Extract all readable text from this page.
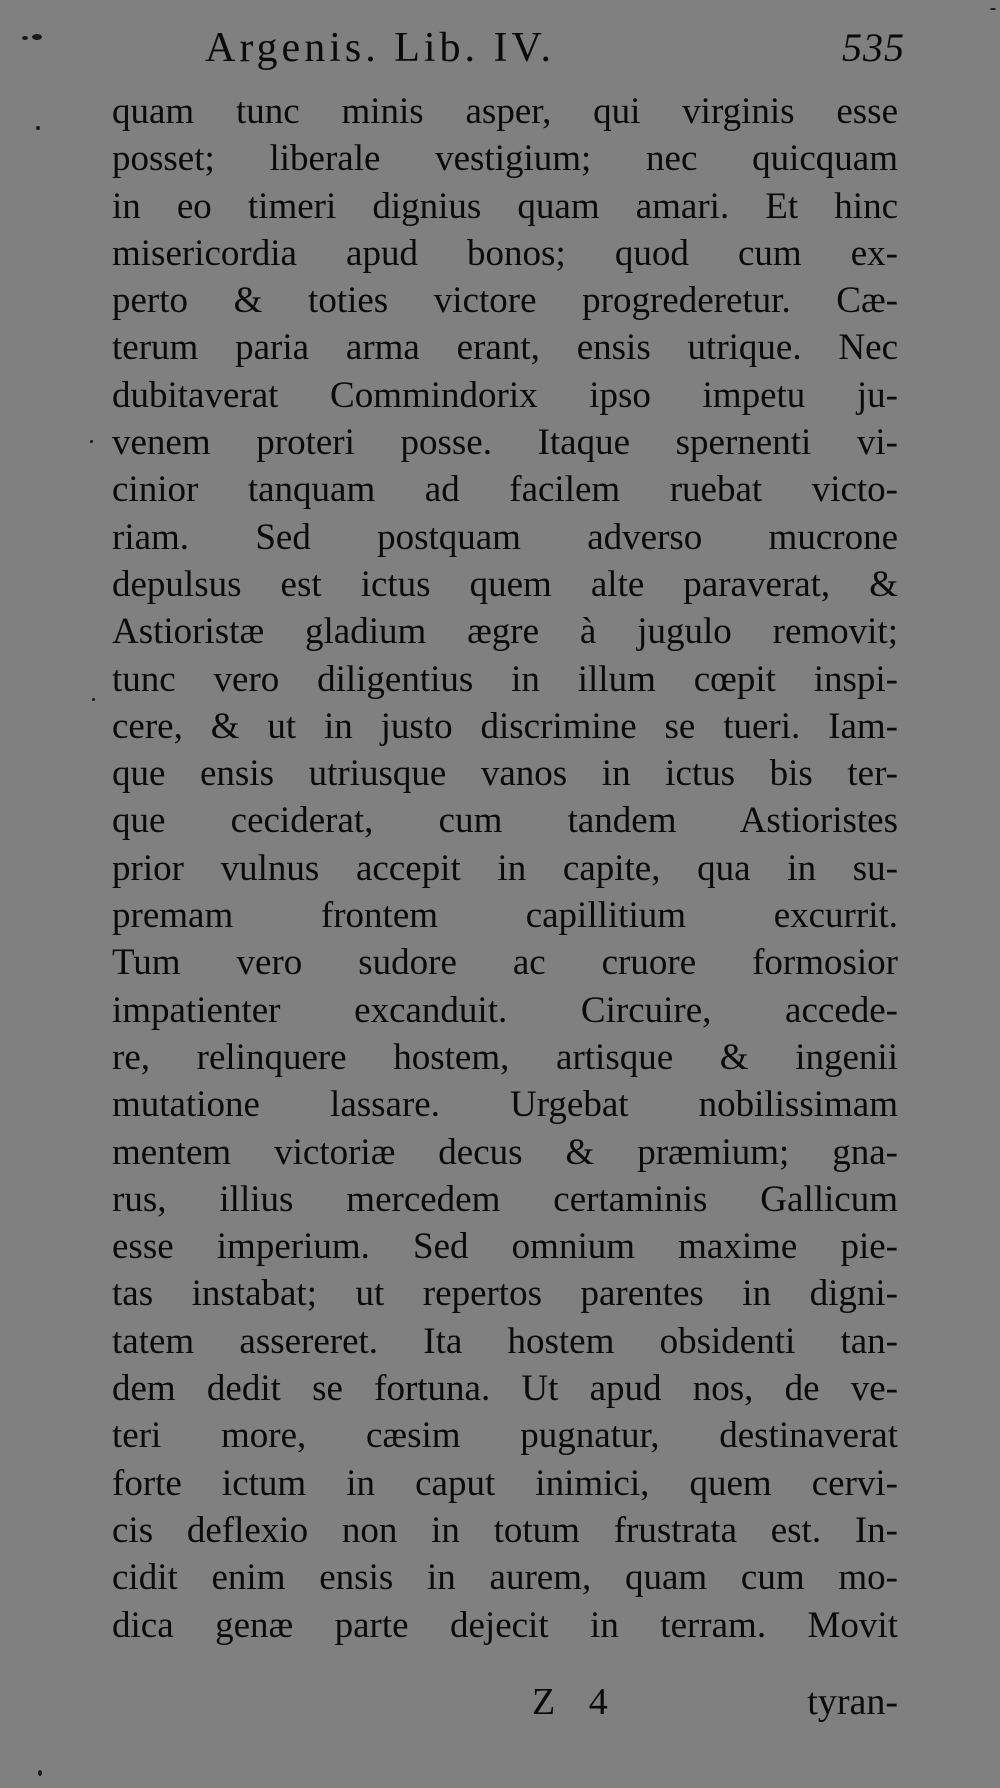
Argenis. Lib. IV.	535
quam tunc minis asper, qui virginis esse
posset; liberale vestigium; nec quicquam
in eo timeri dignius quam amari. Et hinc
misericordia apud bonos; quod cum ex-
perto & toties victore progrederetur. Cæ-
terum paria arma erant, ensis utrique. Nec
dubitaverat Commindorix ipso impetu ju-
venem proteri posse. Itaque spernenti vi-
cinior tanquam ad facilem ruebat victo-
riam. Sed postquam adverso mucrone
depulsus est ictus quem alte paraverat, &
Astioristæ gladium ægre à jugulo removit;
tunc vero diligentius in illum cœpit inspi-
cere, & ut in justo discrimine se tueri. Iam-
que ensis utriusque vanos in ictus bis ter-
que ceciderat, cum tandem Astioristes
prior vulnus accepit in capite, qua in su-
premam frontem capillitium excurrit.
Tum vero sudore ac cruore formosior
impatienter excanduit. Circuire, accede-
re, relinquere hostem, artisque & ingenii
mutatione lassare. Urgebat nobilissimam
mentem victoriæ decus & præmium; gna-
rus, illius mercedem certaminis Gallicum
esse imperium. Sed omnium maxime pie-
tas instabat; ut repertos parentes in digni-
tatem assereret. Ita hostem obsidenti tan-
dem dedit se fortuna. Ut apud nos, de ve-
teri more, cæsim pugnatur, destinaverat
forte ictum in caput inimici, quem cervi-
cis deflexio non in totum frustrata est. In-
cidit enim ensis in aurem, quam cum mo-
dica genæ parte dejecit in terram. Movit
Z 4	tyran-
